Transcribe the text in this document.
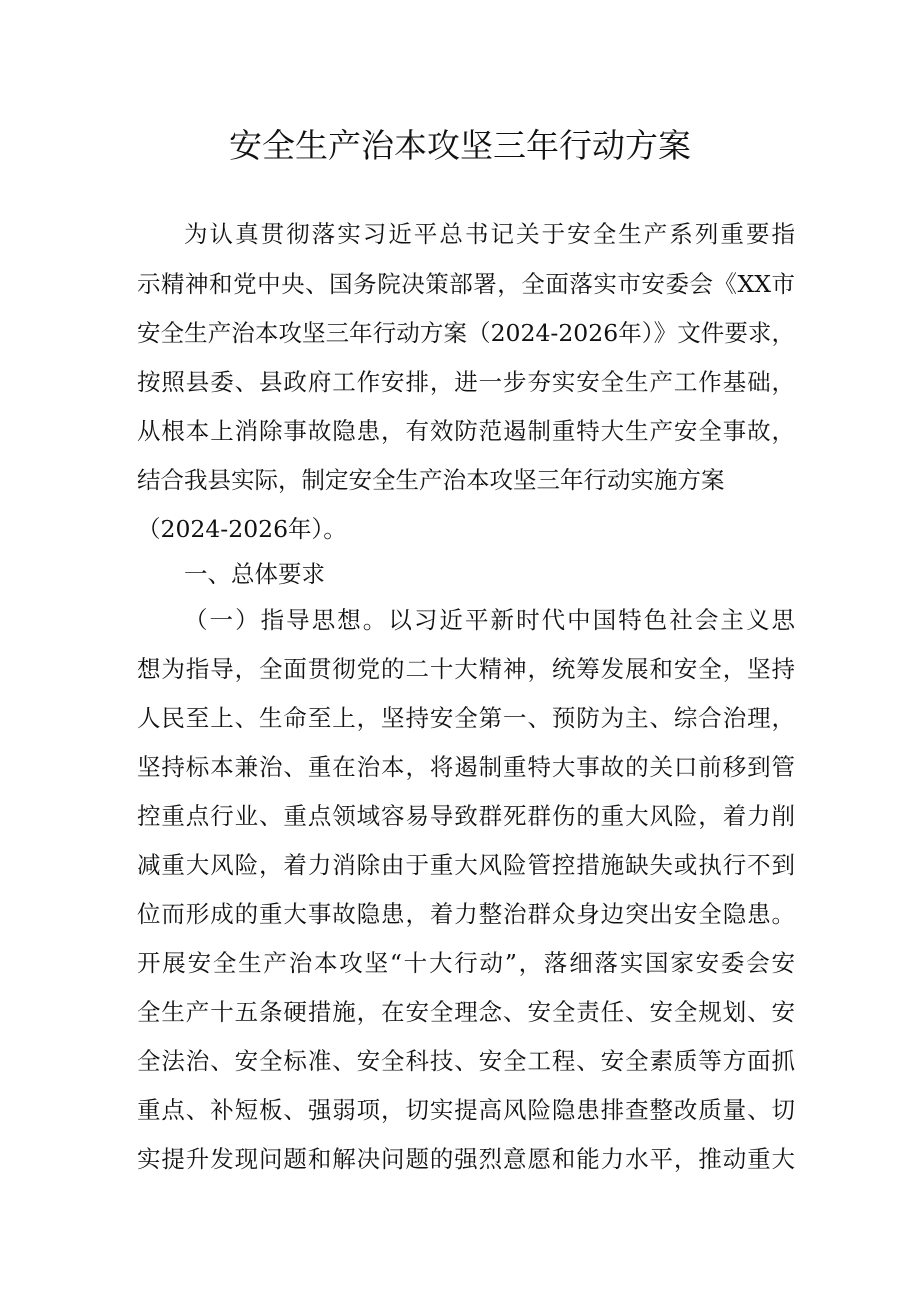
安全生产治本攻坚三年行动方案
为认真贯彻落实习近平总书记关于安全生产系列重要指
示精神和党中央、国务院决策部署，全面落实市安委会《XX市
安全生产治本攻坚三年行动方案（2024-2026年）》文件要求，
按照县委、县政府工作安排，进一步夯实安全生产工作基础，
从根本上消除事故隐患，有效防范遏制重特大生产安全事故，
结合我县实际，制定安全生产治本攻坚三年行动实施方案
（2024-2026年）。
一、总体要求
（一）指导思想。以习近平新时代中国特色社会主义思
想为指导，全面贯彻党的二十大精神，统筹发展和安全，坚持
人民至上、生命至上，坚持安全第一、预防为主、综合治理，
坚持标本兼治、重在治本，将遏制重特大事故的关口前移到管
控重点行业、重点领域容易导致群死群伤的重大风险，着力削
减重大风险，着力消除由于重大风险管控措施缺失或执行不到
位而形成的重大事故隐患，着力整治群众身边突出安全隐患。
开展安全生产治本攻坚“十大行动”，落细落实国家安委会安
全生产十五条硬措施，在安全理念、安全责任、安全规划、安
全法治、安全标准、安全科技、安全工程、安全素质等方面抓
重点、补短板、强弱项，切实提高风险隐患排查整改质量、切
实提升发现问题和解决问题的强烈意愿和能力水平，推动重大
